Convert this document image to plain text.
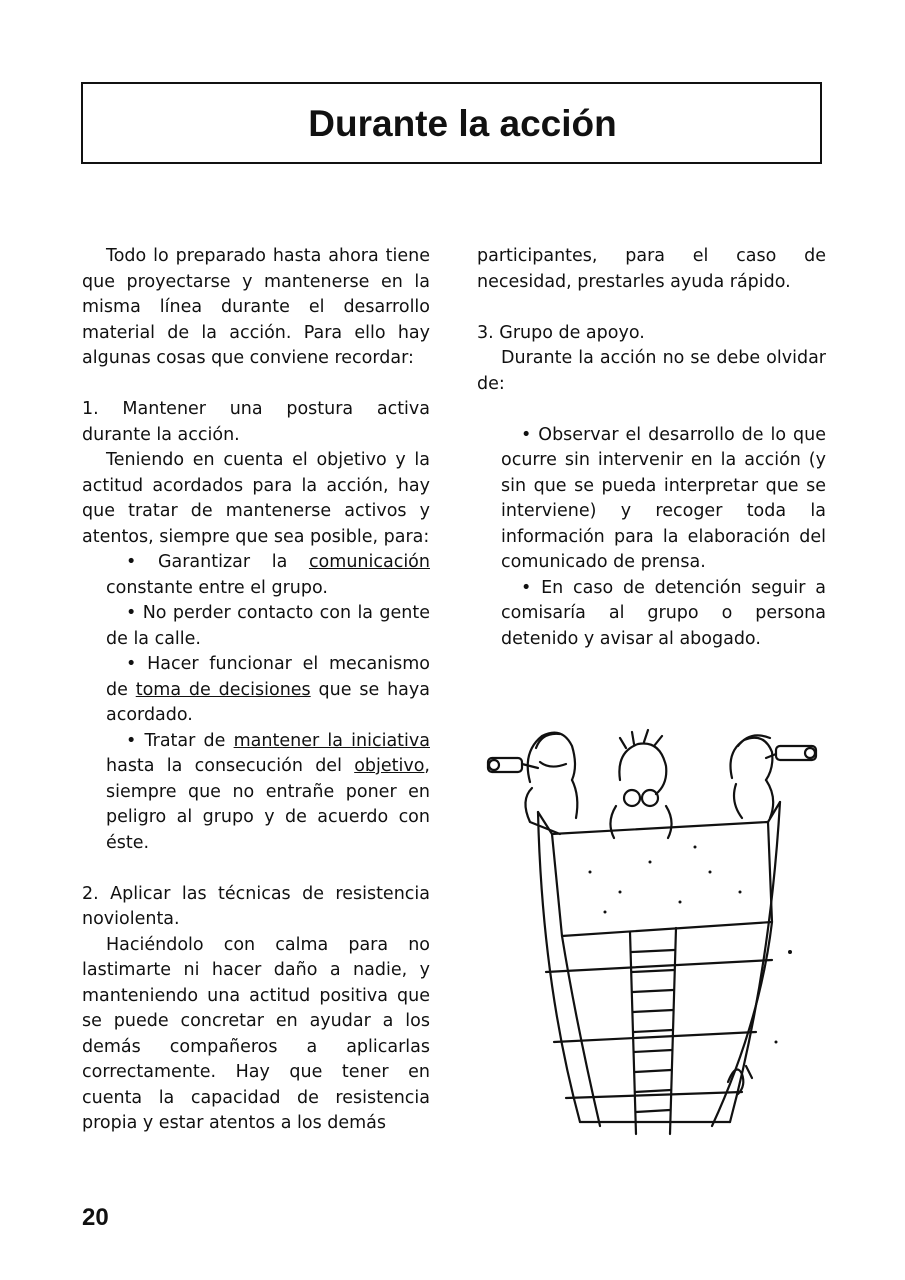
Durante la acción

Todo lo preparado hasta ahora tiene que proyectarse y mantenerse en la misma línea durante el desarrollo material de la acción. Para ello hay algunas cosas que conviene recordar:

1. Mantener una postura activa durante la acción.

Teniendo en cuenta el objetivo y la actitud acordados para la acción, hay que tratar de mantenerse activos y atentos, siempre que sea posible, para:

• Garantizar la comunicación constante entre el grupo.

• No perder contacto con la gente de la calle.

• Hacer funcionar el mecanismo de toma de decisiones que se haya acordado.

• Tratar de mantener la iniciativa hasta la consecución del objetivo, siempre que no entrañe poner en peligro al grupo y de acuerdo con éste.

2. Aplicar las técnicas de resistencia noviolenta.

Haciéndolo con calma para no lastimarte ni hacer daño a nadie, y manteniendo una actitud positiva que se puede concretar en ayudar a los demás compañeros a aplicarlas correctamente. Hay que tener en cuenta la capacidad de resistencia propia y estar atentos a los demás

participantes, para el caso de necesidad, prestarles ayuda rápido.

3. Grupo de apoyo.

Durante la acción no se debe olvidar de:

• Observar el desarrollo de lo que ocurre sin intervenir en la acción (y sin que se pueda interpretar que se interviene) y recoger toda la información para la elaboración del comunicado de prensa.

• En caso de detención seguir a comisaría al grupo o persona detenido y avisar al abogado.

20
